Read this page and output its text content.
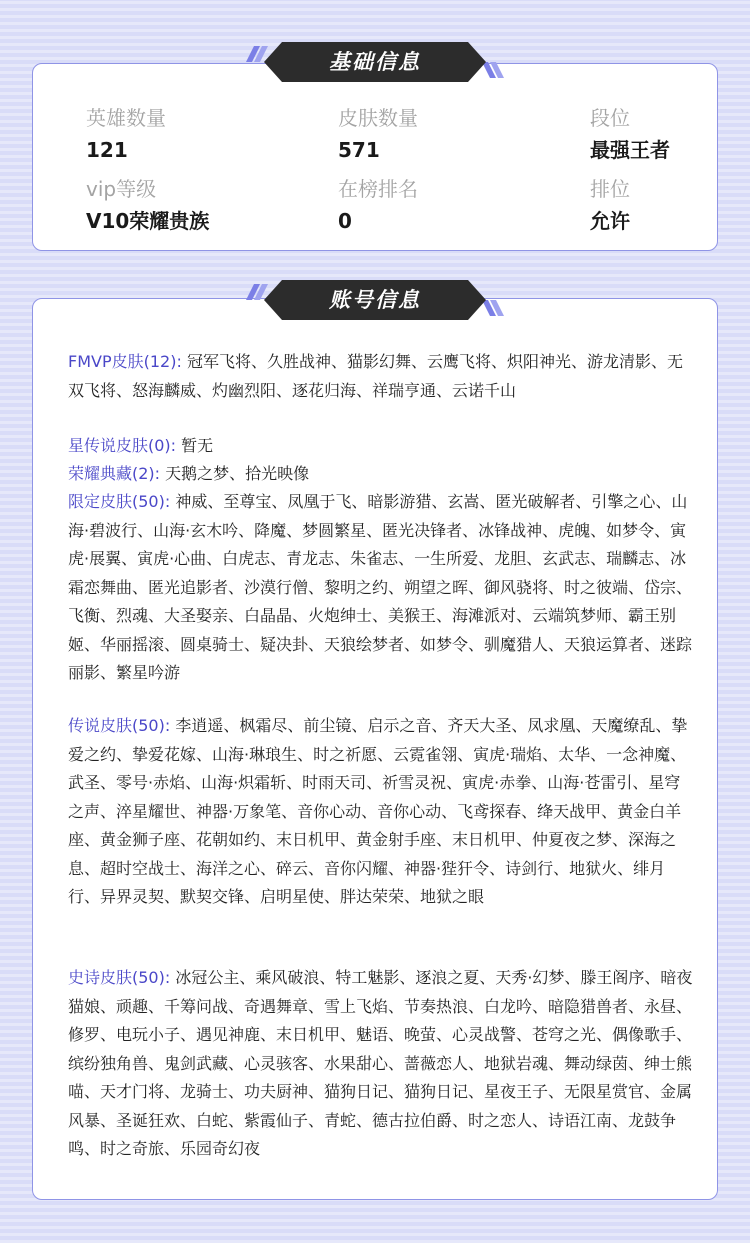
基础信息
英雄数量
121
皮肤数量
571
段位
最强王者
vip等级
V10荣耀贵族
在榜排名
0
排位
允许
账号信息
FMVP皮肤(12): 冠军飞将、久胜战神、猫影幻舞、云鹰飞将、炽阳神光、游龙清影、无双飞将、怒海麟威、灼幽烈阳、逐花归海、祥瑞亨通、云诺千山
星传说皮肤(0): 暂无
荣耀典藏(2): 天鹅之梦、拾光映像
限定皮肤(50): 神威、至尊宝、凤凰于飞、暗影游猎、玄嵩、匿光破解者、引擎之心、山海·碧波行、山海·玄木吟、降魔、梦圆繁星、匿光决锋者、冰锋战神、虎魄、如梦令、寅虎·展翼、寅虎·心曲、白虎志、青龙志、朱雀志、一生所爱、龙胆、玄武志、瑞麟志、冰霜恋舞曲、匿光追影者、沙漠行僧、黎明之约、朔望之晖、御风骁将、时之彼端、岱宗、飞衡、烈魂、大圣娶亲、白晶晶、火炮绅士、美猴王、海滩派对、云端筑梦师、霸王别姬、华丽摇滚、圆桌骑士、疑决卦、天狼绘梦者、如梦令、驯魔猎人、天狼运算者、迷踪丽影、繁星吟游
传说皮肤(50): 李逍遥、枫霜尽、前尘镜、启示之音、齐天大圣、凤求凰、天魔缭乱、挚爱之约、挚爱花嫁、山海·琳琅生、时之祈愿、云霓雀翎、寅虎·瑞焰、太华、一念神魔、武圣、零号·赤焰、山海·炽霜斩、时雨天司、祈雪灵祝、寅虎·赤拳、山海·苍雷引、星穹之声、淬星耀世、神器·万象笔、音你心动、音你心动、飞鸢探春、绛天战甲、黄金白羊座、黄金狮子座、花朝如约、末日机甲、黄金射手座、末日机甲、仲夏夜之梦、深海之息、超时空战士、海洋之心、碎云、音你闪耀、神器·狴犴令、诗剑行、地狱火、绯月行、异界灵契、默契交锋、启明星使、胖达荣荣、地狱之眼
史诗皮肤(50): 冰冠公主、乘风破浪、特工魅影、逐浪之夏、天秀·幻梦、滕王阁序、暗夜猫娘、顽趣、千筹问战、奇遇舞章、雪上飞焰、节奏热浪、白龙吟、暗隐猎兽者、永昼、修罗、电玩小子、遇见神鹿、末日机甲、魅语、晚萤、心灵战警、苍穹之光、偶像歌手、缤纷独角兽、鬼剑武藏、心灵骇客、水果甜心、蔷薇恋人、地狱岩魂、舞动绿茵、绅士熊喵、天才门将、龙骑士、功夫厨神、猫狗日记、猫狗日记、星夜王子、无限星赏官、金属风暴、圣诞狂欢、白蛇、紫霞仙子、青蛇、德古拉伯爵、时之恋人、诗语江南、龙鼓争鸣、时之奇旅、乐园奇幻夜
